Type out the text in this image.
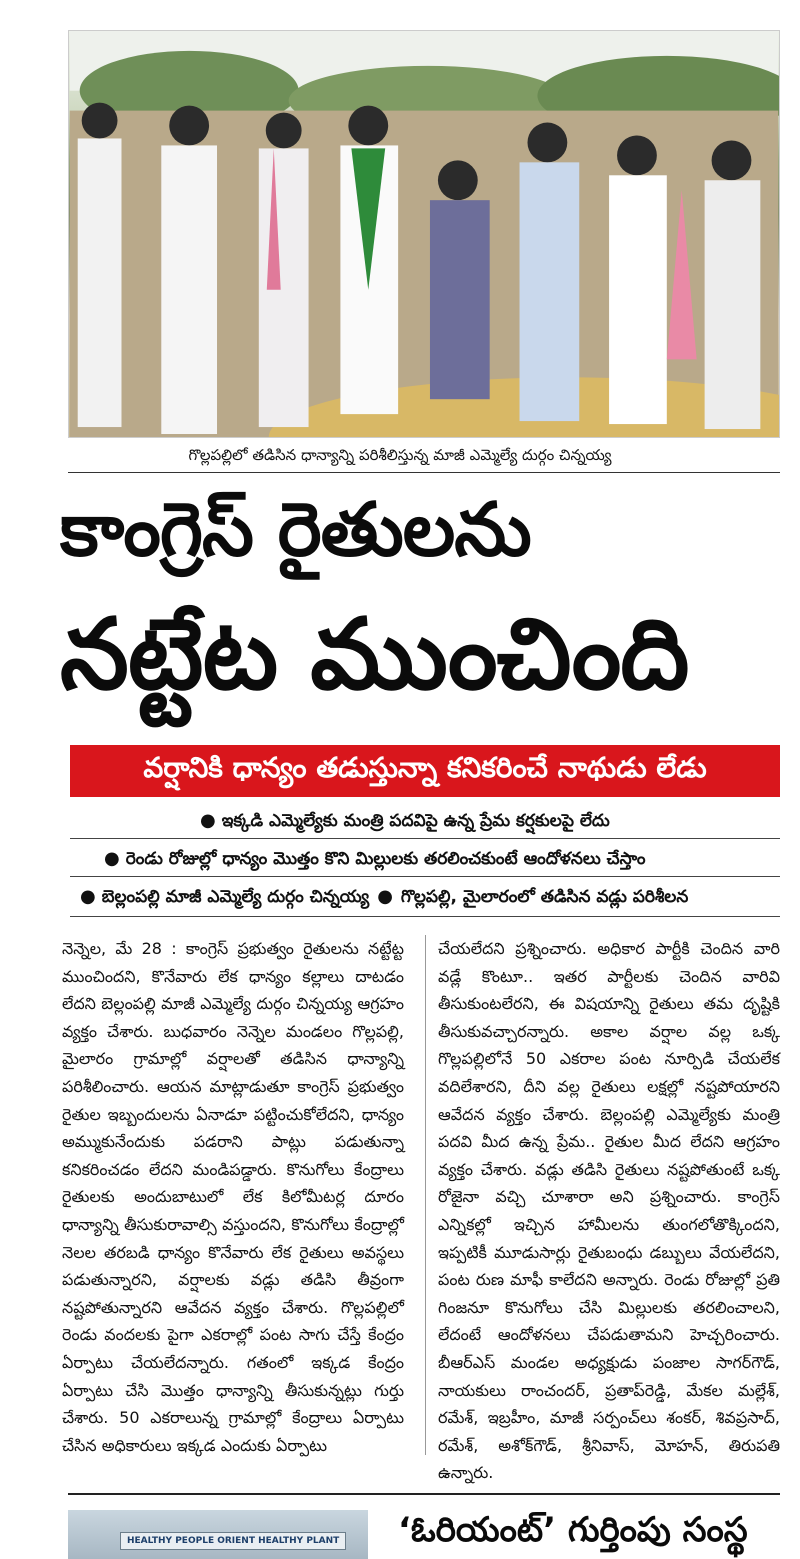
గొల్లపల్లిలో తడిసిన ధాన్యాన్ని పరిశీలిస్తున్న మాజీ ఎమ్మెల్యే దుర్గం చిన్నయ్య
కాంగ్రెస్ రైతులను
నట్టేట ముంచింది
వర్షానికి ధాన్యం తడుస్తున్నా కనికరించే నాథుడు లేడు
● ఇక్కడి ఎమ్మెల్యేకు మంత్రి పదవిపై ఉన్న ప్రేమ కర్షకులపై లేదు
● రెండు రోజుల్లో ధాన్యం మొత్తం కొని మిల్లులకు తరలించకుంటే ఆందోళనలు చేస్తాం
● బెల్లంపల్లి మాజీ ఎమ్మెల్యే దుర్గం చిన్నయ్య ● గొల్లపల్లి, మైలారంలో తడిసిన వడ్లు పరిశీలన

నెన్నెల, మే 28 : కాంగ్రెస్ ప్రభుత్వం రైతులను నట్టేట్ట ముంచిందని, కొనేవారు లేక ధాన్యం కల్లాలు దాటడం లేదని బెల్లంపల్లి మాజీ ఎమ్మెల్యే దుర్గం చిన్నయ్య ఆగ్రహం వ్యక్తం చేశారు. బుధవారం నెన్నెల మండలం గొల్లపల్లి, మైలారం గ్రామాల్లో వర్షాలతో తడిసిన ధాన్యాన్ని పరిశీలించారు. ఆయన మాట్లాడుతూ కాంగ్రెస్ ప్రభుత్వం రైతుల ఇబ్బందులను ఏనాడూ పట్టించుకోలేదని, ధాన్యం అమ్ముకునేందుకు పడరాని పాట్లు పడుతున్నా కనికరించడం లేదని మండిపడ్డారు. కొనుగోలు కేంద్రాలు రైతులకు అందుబాటులో లేక కిలోమీటర్ల దూరం ధాన్యాన్ని తీసుకురావాల్సి వస్తుందని, కొనుగోలు కేంద్రాల్లో నెలల తరబడి ధాన్యం కొనేవారు లేక రైతులు అవస్థలు పడుతున్నారని, వర్షాలకు వడ్లు తడిసి తీవ్రంగా నష్టపోతున్నారని ఆవేదన వ్యక్తం చేశారు. గొల్లపల్లిలో రెండు వందలకు పైగా ఎకరాల్లో పంట సాగు చేస్తే కేంద్రం ఏర్పాటు చేయలేదన్నారు. గతంలో ఇక్కడ కేంద్రం ఏర్పాటు చేసి మొత్తం ధాన్యాన్ని తీసుకున్నట్లు గుర్తు చేశారు. 50 ఎకరాలున్న గ్రామాల్లో కేంద్రాలు ఏర్పాటు చేసిన అధికారులు ఇక్కడ ఎందుకు ఏర్పాటు

చేయలేదని ప్రశ్నించారు. అధికార పార్టీకి చెందిన వారి వడ్లే కొంటూ.. ఇతర పార్టీలకు చెందిన వారివి తీసుకుంటలేరని, ఈ విషయాన్ని రైతులు తమ దృష్టికి తీసుకువచ్చారన్నారు. అకాల వర్షాల వల్ల ఒక్క గొల్లపల్లిలోనే 50 ఎకరాల పంట నూర్పిడి చేయలేక వదిలేశారని, దీని వల్ల రైతులు లక్షల్లో నష్టపోయారని ఆవేదన వ్యక్తం చేశారు. బెల్లంపల్లి ఎమ్మెల్యేకు మంత్రి పదవి మీద ఉన్న ప్రేమ.. రైతుల మీద లేదని ఆగ్రహం వ్యక్తం చేశారు. వడ్లు తడిసి రైతులు నష్టపోతుంటే ఒక్క రోజైనా వచ్చి చూశారా అని ప్రశ్నించారు. కాంగ్రెస్ ఎన్నికల్లో ఇచ్చిన హామీలను తుంగలోతొక్కిందని, ఇప్పటికీ మూడుసార్లు రైతుబంధు డబ్బులు వేయలేదని, పంట రుణ మాఫీ కాలేదని అన్నారు. రెండు రోజుల్లో ప్రతి గింజనూ కొనుగోలు చేసి మిల్లులకు తరలించాలని, లేదంటే ఆందోళనలు చేపడుతామని హెచ్చరించారు. బీఆర్ఎస్ మండల అధ్యక్షుడు పంజాల సాగర్‌గౌడ్, నాయకులు రాంచందర్, ప్రతాప్‌రెడ్డి, మేకల మల్లేశ్, రమేశ్, ఇబ్రహీం, మాజీ సర్పంచ్‌లు శంకర్, శివప్రసాద్, రమేశ్, అశోక్‌గౌడ్, శ్రీనివాస్, మోహన్, తిరుపతి ఉన్నారు.

HEALTHY PEOPLE ORIENT HEALTHY PLANT ‘ఓరియంట్’ గుర్తింపు సంస్థ
